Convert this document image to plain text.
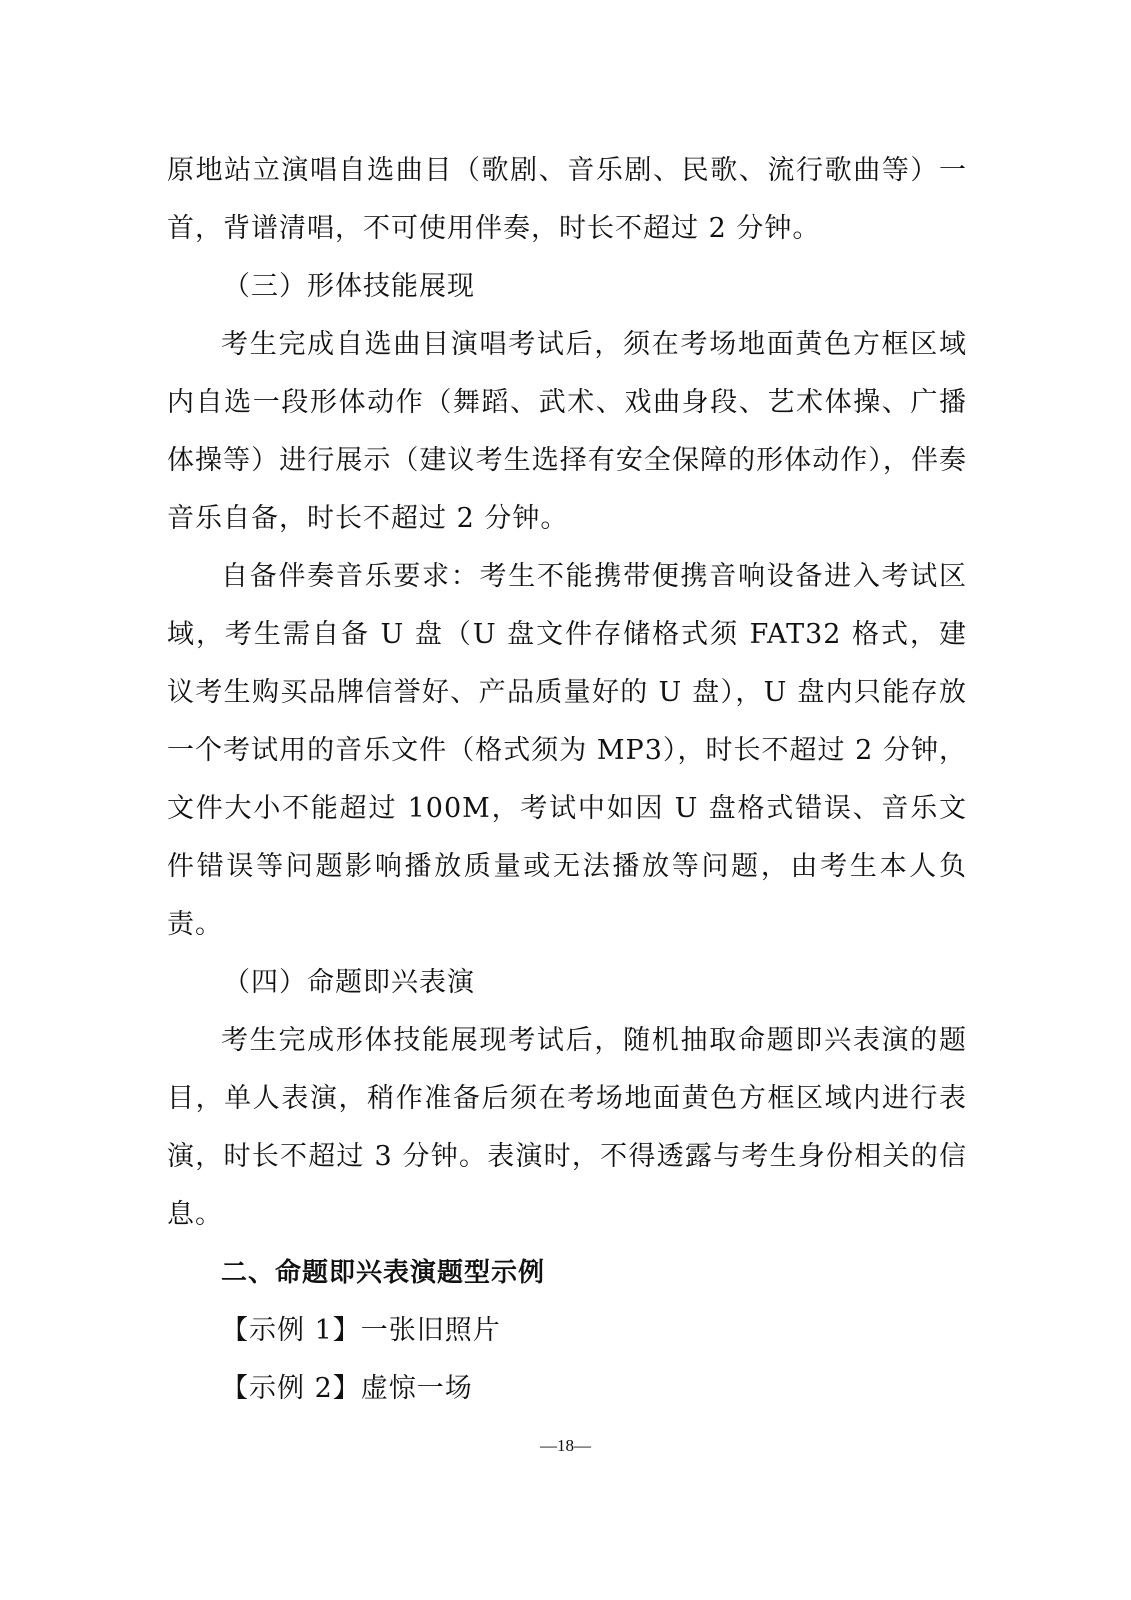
原地站立演唱自选曲目（歌剧、音乐剧、民歌、流行歌曲等）一首，背谱清唱，不可使用伴奏，时长不超过 2 分钟。

（三）形体技能展现

考生完成自选曲目演唱考试后，须在考场地面黄色方框区域内自选一段形体动作（舞蹈、武术、戏曲身段、艺术体操、广播体操等）进行展示（建议考生选择有安全保障的形体动作），伴奏音乐自备，时长不超过 2 分钟。

自备伴奏音乐要求：考生不能携带便携音响设备进入考试区域，考生需自备 U 盘（U 盘文件存储格式须 FAT32 格式，建议考生购买品牌信誉好、产品质量好的 U 盘），U 盘内只能存放一个考试用的音乐文件（格式须为 MP3），时长不超过 2 分钟，文件大小不能超过 100M，考试中如因 U 盘格式错误、音乐文件错误等问题影响播放质量或无法播放等问题，由考生本人负责。

（四）命题即兴表演

考生完成形体技能展现考试后，随机抽取命题即兴表演的题目，单人表演，稍作准备后须在考场地面黄色方框区域内进行表演，时长不超过 3 分钟。表演时，不得透露与考生身份相关的信息。

二、命题即兴表演题型示例

【示例 1】一张旧照片

【示例 2】虚惊一场

—18—
